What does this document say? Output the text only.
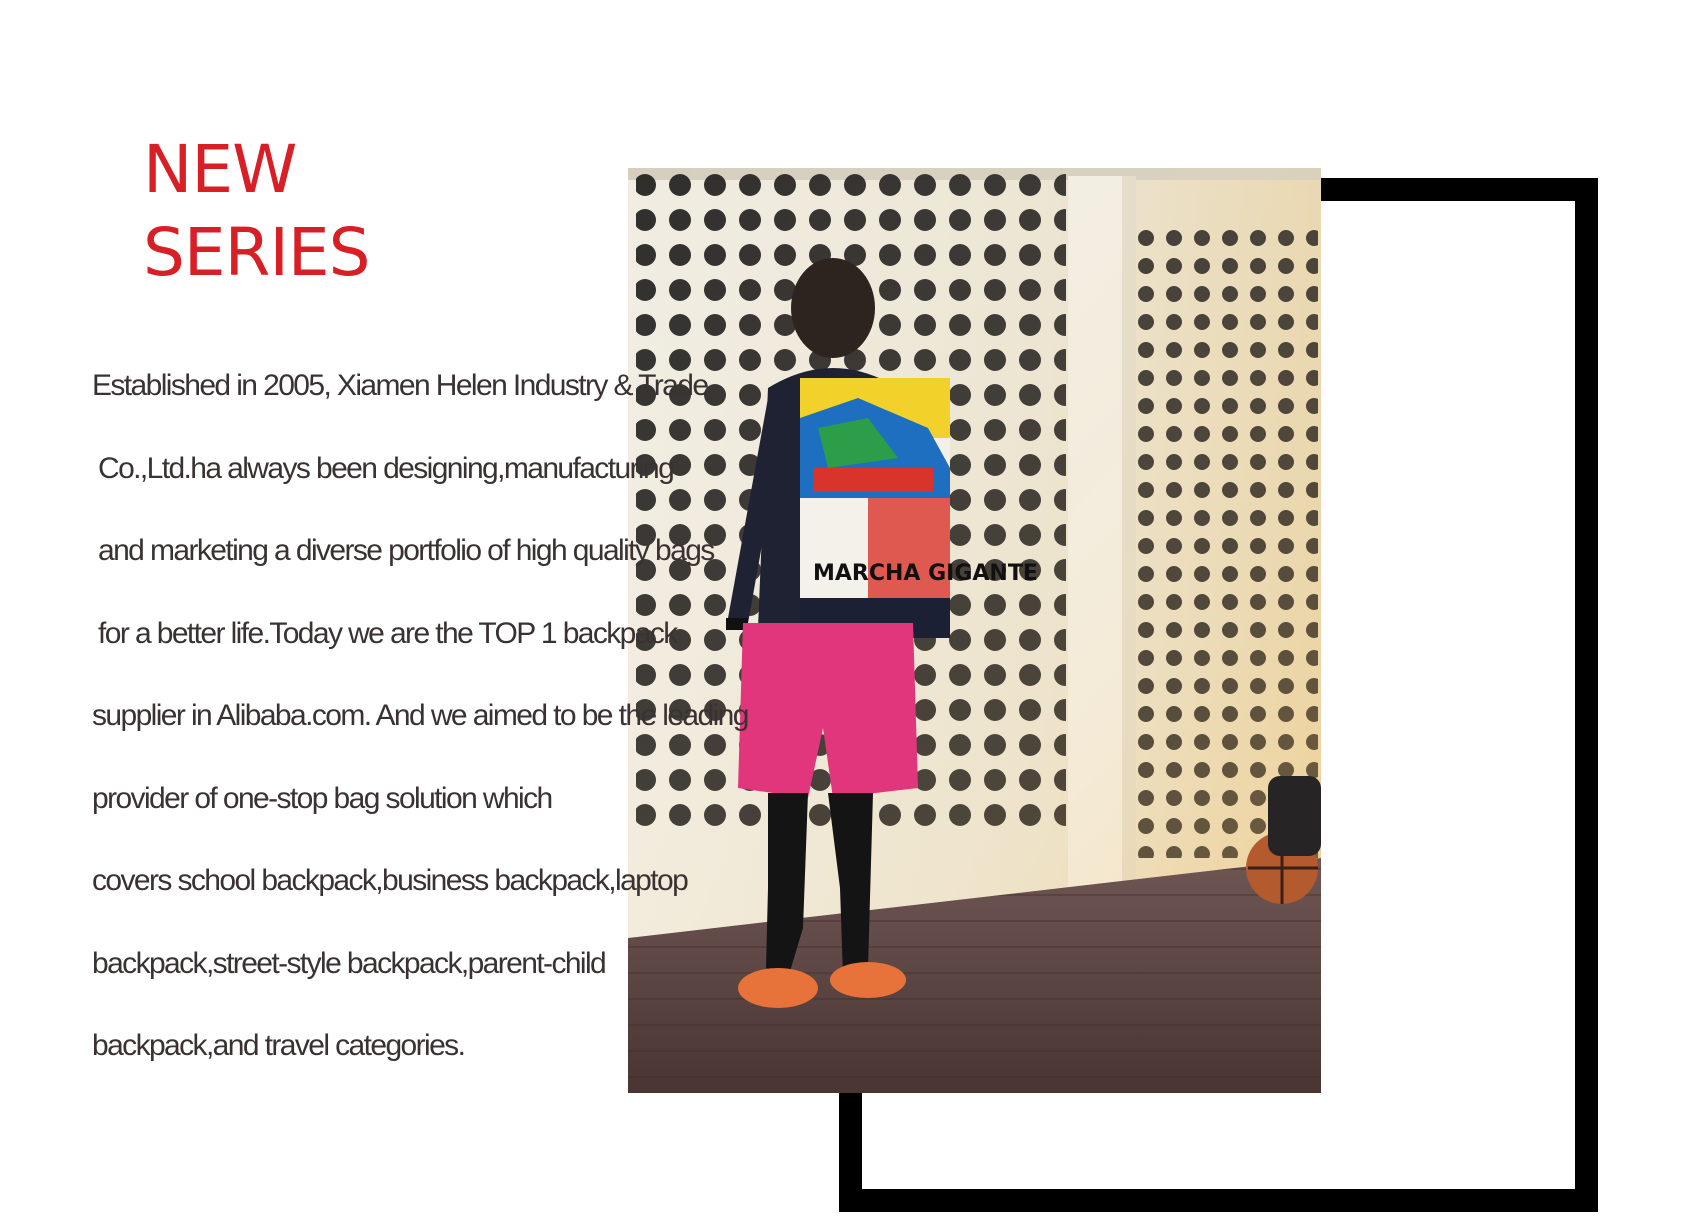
NEW
SERIES
MARCHA GIGANTE
Established in 2005, Xiamen Helen Industry & Trade
Co.,Ltd.ha always been designing,manufacturing
and marketing a diverse portfolio of high quality bags
for a better life.Today we are the TOP 1 backpack
supplier in Alibaba.com. And we aimed to be the leading
provider of one-stop bag solution which
covers school backpack,business backpack,laptop
backpack,street-style backpack,parent-child
backpack,and travel categories.
